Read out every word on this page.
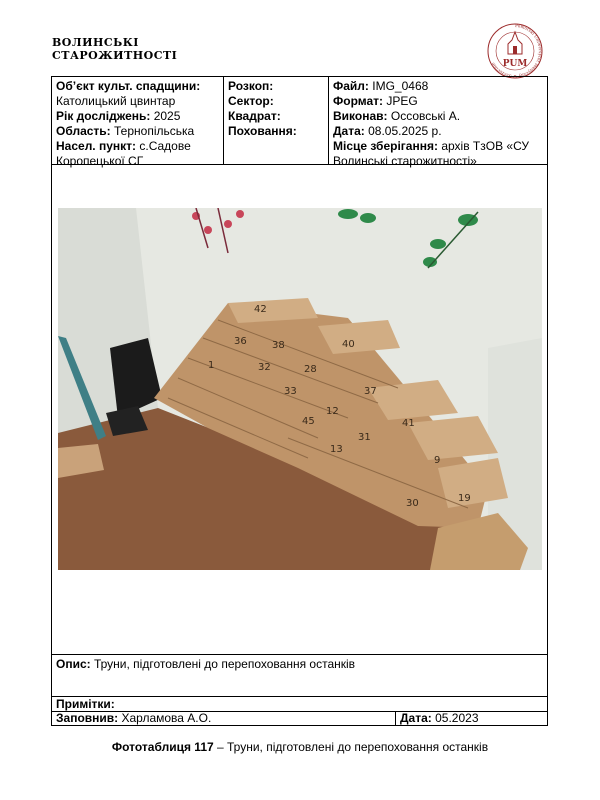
ВОЛИНСЬКІ
СТАРОЖИТНОСТІ
PUM
Pomorski Uniwersytet Medyczny w Szczecinie
Об’єкт культ. спадщини:
Католицький цвинтар
Рік досліджень: 2025
Область: Тернопільська
Насел. пункт: с.Садове Коропецької СГ
Розкоп:
Сектор:
Квадрат:
Поховання:
Файл: IMG_0468
Формат: JPEG
Виконав: Оссовські А.
Дата: 08.05.2025 р.
Місце зберігання: архів ТзОВ «СУ Волинські старожитності»
42
40
36	38
32	28
37
41
9
31
12
45
13
30	19
33
1
Опис: Труни, підготовлені до перепоховання останків
Примітки:
Заповнив: Харламова А.О.	Дата: 05.2023
Фототаблиця 117 – Труни, підготовлені до перепоховання останків
